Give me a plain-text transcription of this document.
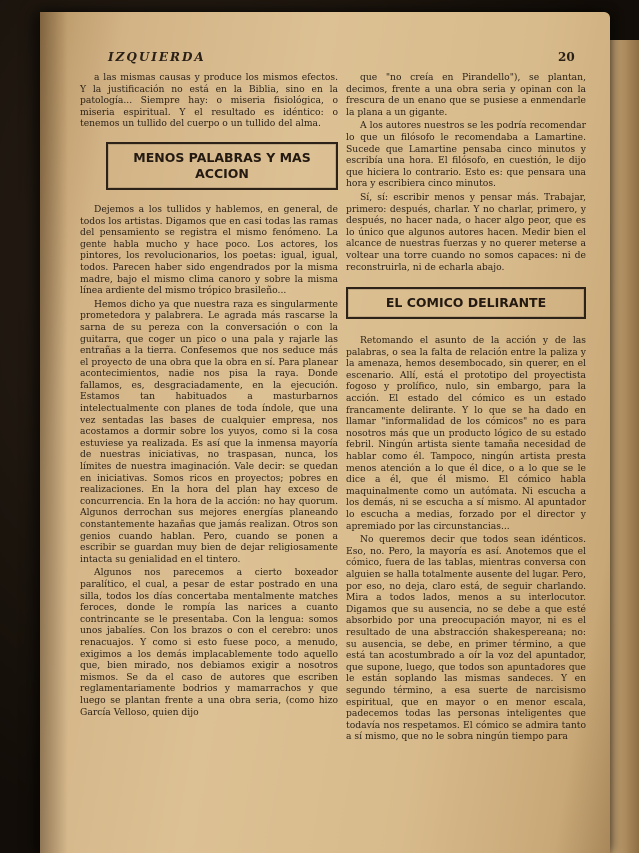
IZQUIERDA	20

a las mismas causas y produce los mismos efectos. Y la justificación no está en la Biblia, sino en la patología... Siempre hay: o miseria fisiológica, o miseria espiritual. Y el resultado es idéntico: o tenemos un tullido del cuerpo o un tullido del alma.

MENOS PALABRAS Y MAS ACCION

Dejemos a los tullidos y hablemos, en general, de todos los artistas. Digamos que en casi todas las ramas del pensamiento se registra el mismo fenómeno. La gente habla mucho y hace poco. Los actores, los pintores, los revolucionarios, los poetas: igual, igual, todos. Parecen haber sido engendrados por la misma madre, bajo el mismo clima canoro y sobre la misma línea ardiente del mismo trópico brasileño...

Hemos dicho ya que nuestra raza es singularmente prometedora y palabrera. Le agrada más rascarse la sarna de su pereza con la conversación o con la guitarra, que coger un pico o una pala y rajarle las entrañas a la tierra. Confesemos que nos seduce más el proyecto de una obra que la obra en sí. Para planear acontecimientos, nadie nos pisa la raya. Donde fallamos, es, desgraciadamente, en la ejecución. Estamos tan habituados a masturbarnos intelectualmente con planes de toda índole, que una vez sentadas las bases de cualquier empresa, nos acostamos a dormir sobre los yuyos, como si la cosa estuviese ya realizada. Es así que la inmensa mayoría de nuestras iniciativas, no traspasan, nunca, los límites de nuestra imaginación. Vale decir: se quedan en iniciativas. Somos ricos en proyectos; pobres en realizaciones. En la hora del plan hay exceso de concurrencia. En la hora de la acción: no hay quorum. Algunos derrochan sus mejores energías planeando constantemente hazañas que jamás realizan. Otros son genios cuando hablan. Pero, cuando se ponen a escribir se guardan muy bien de dejar religiosamente intacta su genialidad en el tintero.

Algunos nos parecemos a cierto boxeador paralítico, el cual, a pesar de estar postrado en una silla, todos los días concertaba mentalmente matches feroces, donde le rompía las narices a cuanto contrincante se le presentaba. Con la lengua: somos unos jabalíes. Con los brazos o con el cerebro: unos renacuajos. Y como si esto fuese poco, a menudo, exigimos a los demás implacablemente todo aquello que, bien mirado, nos debiamos exigir a nosotros mismos. Se da el caso de autores que escriben reglamentariamente bodrios y mamarrachos y que luego se plantan frente a una obra seria, (como hizo García Velloso, quien dijo

que "no creía en Pirandello"), se plantan, decimos, frente a una obra seria y opinan con la frescura de un enano que se pusiese a enmendarle la plana a un gigante.

A los autores nuestros se les podría recomendar lo que un filósofo le recomendaba a Lamartine. Sucede que Lamartine pensaba cinco minutos y escribía una hora. El filósofo, en cuestión, le dijo que hiciera lo contrario. Esto es: que pensara una hora y escribiera cinco minutos.

Sí, sí: escribir menos y pensar más. Trabajar, primero: después, charlar. Y no charlar, primero, y después, no hacer nada, o hacer algo peor, que es lo único que algunos autores hacen. Medir bien el alcance de nuestras fuerzas y no querer meterse a voltear una torre cuando no somos capaces: ni de reconstruirla, ni de echarla abajo.

EL COMICO DELIRANTE

Retomando el asunto de la acción y de las palabras, o sea la falta de relación entre la paliza y la amenaza, hemos desembocado, sin querer, en el escenario. Allí, está el prototipo del proyectista fogoso y prolífico, nulo, sin embargo, para la acción. El estado del cómico es un estado francamente delirante. Y lo que se ha dado en llamar "informalidad de los cómicos" no es para nosotros más que un producto lógico de su estado febril. Ningún artista siente tamaña necesidad de hablar como él. Tampoco, ningún artista presta menos atención a lo que él dice, o a lo que se le dice a él, que él mismo. El cómico habla maquinalmente como un autómata. Ni escucha a los demás, ni se escucha a sí mismo. Al apuntador lo escucha a medias, forzado por el director y apremiado por las circunstancias...

No queremos decir que todos sean idénticos. Eso, no. Pero, la mayoría es así. Anotemos que el cómico, fuera de las tablas, mientras conversa con alguien se halla totalmente ausente del lugar. Pero, por eso, no deja, claro está, de seguir charlando. Mira a todos lados, menos a su interlocutor. Digamos que su ausencia, no se debe a que esté absorbido por una preocupación mayor, ni es el resultado de una abstracción shakespereana; no: su ausencia, se debe, en primer término, a que está tan acostumbrado a oír la voz del apuntador, que supone, luego, que todos son apuntadores que le están soplando las mismas sandeces. Y en segundo término, a esa suerte de narcisismo espiritual, que en mayor o en menor escala, padecemos todas las personas inteligentes que todavía nos respetamos. El cómico se admira tanto a sí mismo, que no le sobra ningún tiempo para
